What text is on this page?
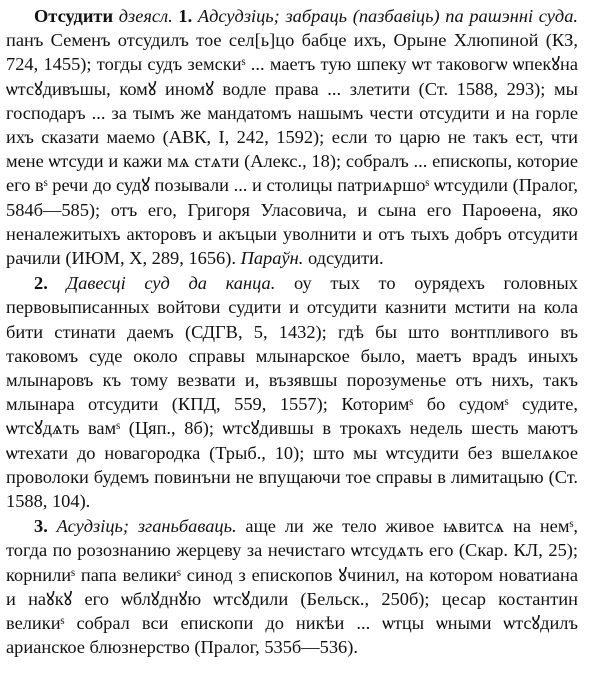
Отсудити дзеясл. 1. Адсудзіць; забраць (пазбавіць) па рашэнні суда. панъ Семенъ отсудилъ тое сел[ь]цо бабце ихъ, Орыне Хлюпиной (КЗ, 724, 1455); тогды судъ земскиˢ ... маетъ тую шпеку ѡт таковогѡ ѡпекꙋна ѡтсꙋдивъшы, комꙋ иномꙋ водле права ... злетити (Ст. 1588, 293); мы господаръ ... за тымъ же мандатомъ нашымъ чести отсудити и на горле ихъ сказати маемо (АВК, I, 242, 1592); если то царю не такъ ест, чти мене ѡтсуди и кажи мѧ стѧти (Алекс., 18); собралъ ... епископы, которие его вˢ речи до судꙋ позывали ... и столицы патриѧршоˢ ѡтсудили (Пралог, 584б—585); отъ его, Григоря Уласовича, и сына его Пароѳена, яко неналежитыхъ акторовъ и акъцыи уволнити и отъ тыхъ добръ отсудити рачили (ИЮМ, X, 289, 1656). Параўн. одсудити.

2. Давесці суд да канца. оу тых то оурядехъ головных первовыписанных войтови судити и отсудити казнити мстити на кола бити стинати даемъ (СДГВ, 5, 1432); гдѣ бы што вонтпливого въ таковомъ суде около справы млынарское было, маетъ врадъ иныхъ млынаровъ къ тому везвати и, възявшы порозуменье отъ нихъ, такъ млынара отсудити (КПД, 559, 1557); Которимˢ бо судомˢ судите, ѡтсꙋдѧть вамˢ (Цяп., 8б); ѡтсꙋдившы в трокахъ недель шесть маютъ ѡтехати до новагородка (Трыб., 10); што мы ѡтсудити без вшелѧкое проволоки будемъ повинъни не впущаючи тое справы в лимитацыю (Ст. 1588, 104).

3. Асудзіць; зганьбаваць. аще ли же тело живое ѩвитсѧ на немˢ, тогда по розознанию жерцеву за нечистаго ѡтсудѧть его (Скар. КЛ, 25); корнилиˢ папа великиˢ синод з епископов ꙋчинил, на котором новатиана и наꙋкꙋ его ѡблꙋднꙋю ѡтсꙋдили (Бельск., 250б); цесар костантин великиˢ собрал вси епископи до никѣи ... ѡтцы ѡными ѡтсꙋдилъ арианское блюзнерство (Пралог, 535б—536).
